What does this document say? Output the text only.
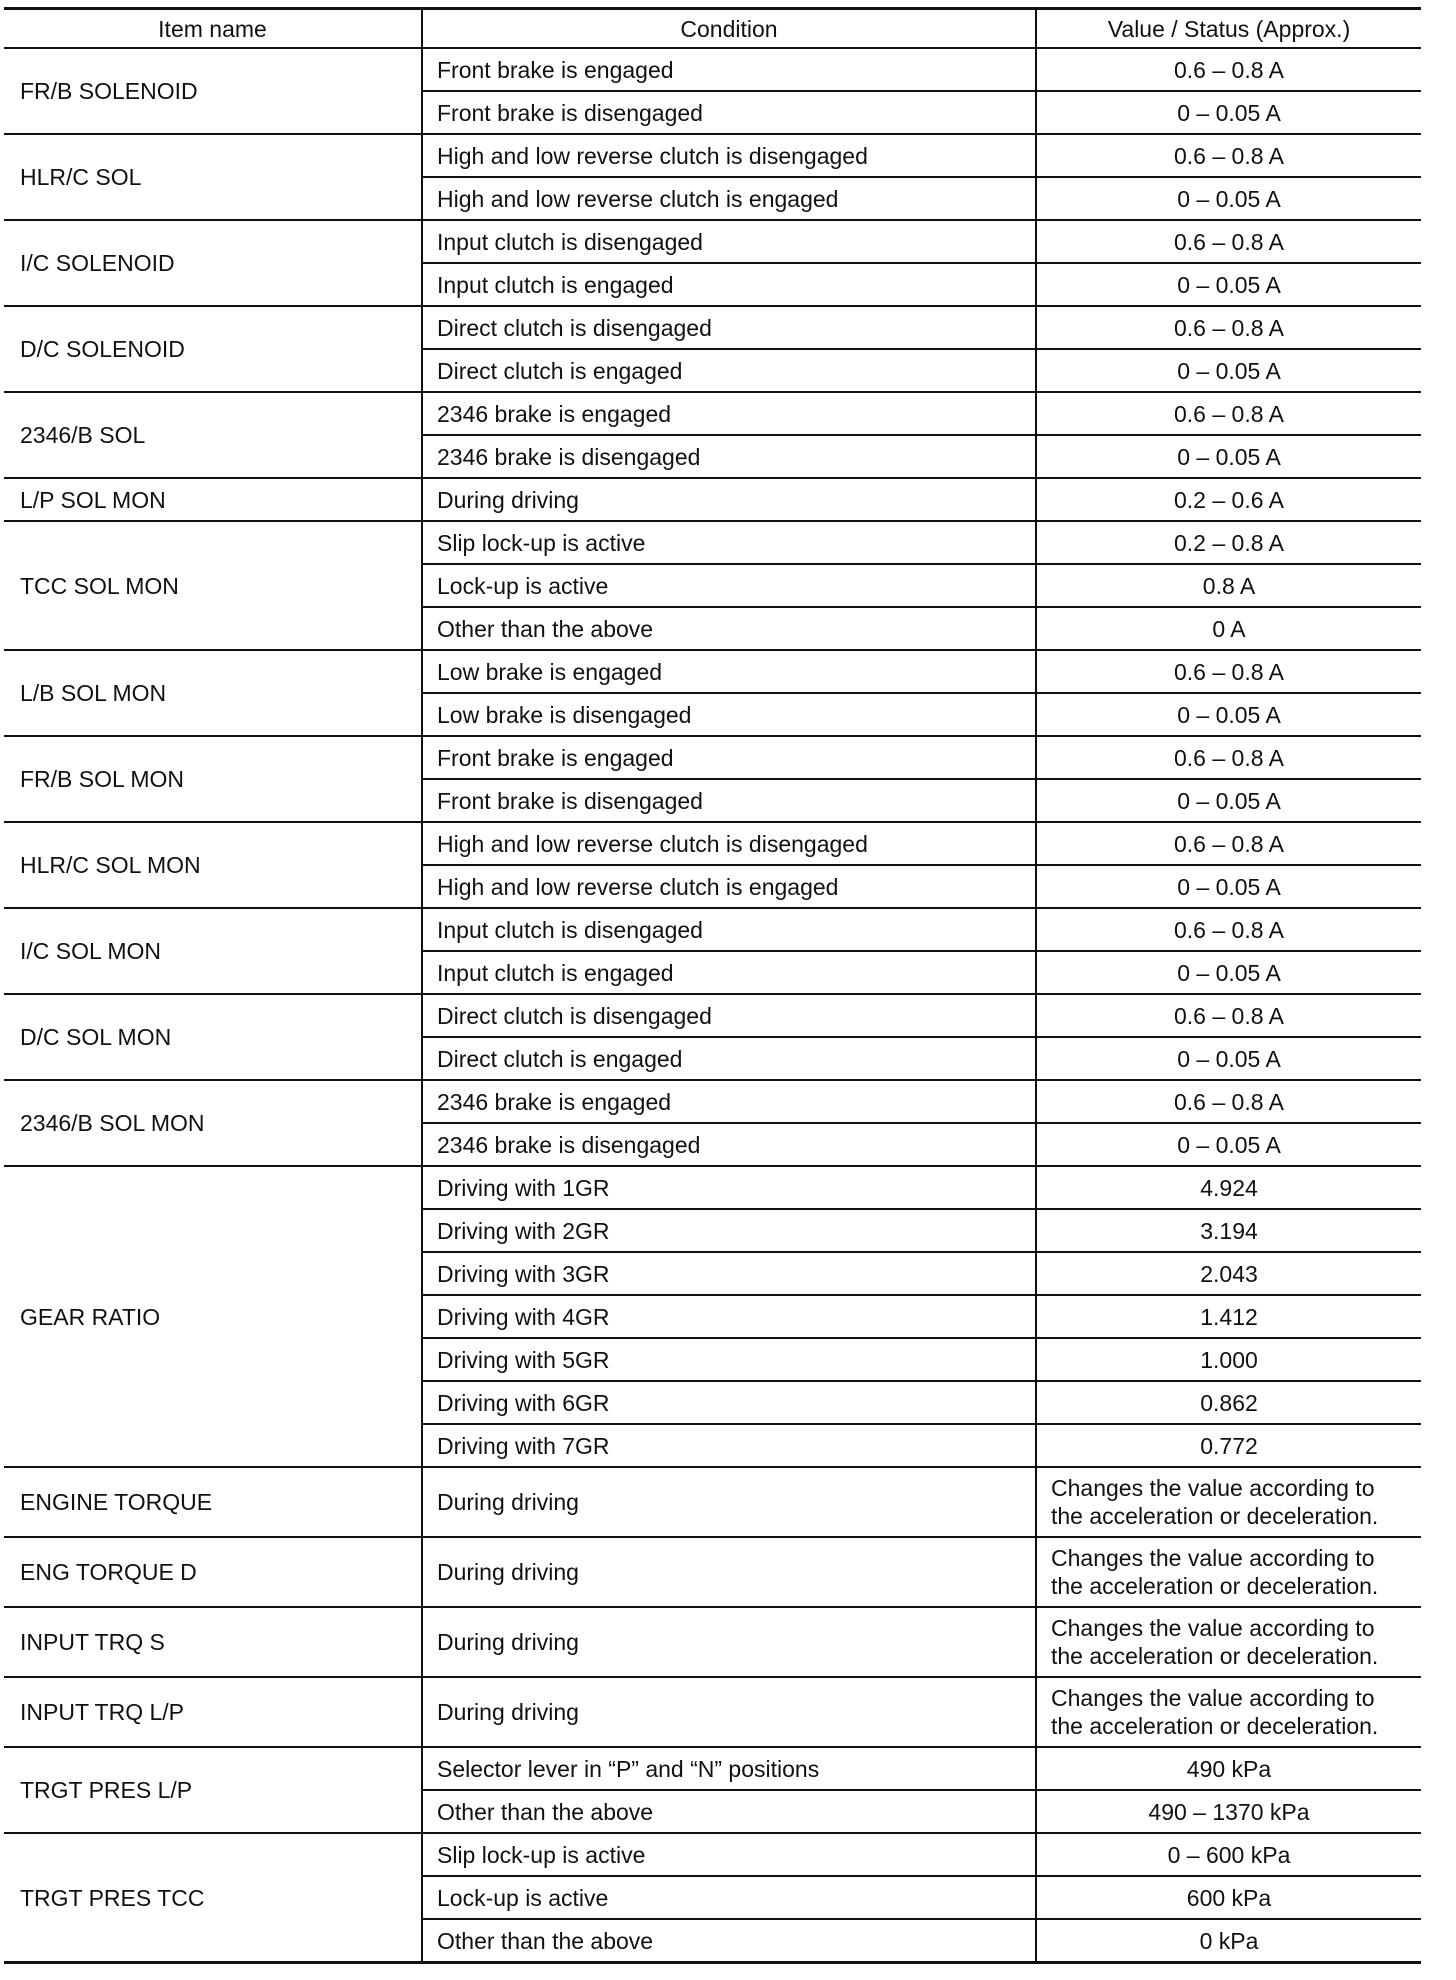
Item name	Condition	Value / Status (Approx.)
FR/B SOLENOID	Front brake is engaged	0.6 – 0.8 A
	Front brake is disengaged	0 – 0.05 A
HLR/C SOL	High and low reverse clutch is disengaged	0.6 – 0.8 A
	High and low reverse clutch is engaged	0 – 0.05 A
I/C SOLENOID	Input clutch is disengaged	0.6 – 0.8 A
	Input clutch is engaged	0 – 0.05 A
D/C SOLENOID	Direct clutch is disengaged	0.6 – 0.8 A
	Direct clutch is engaged	0 – 0.05 A
2346/B SOL	2346 brake is engaged	0.6 – 0.8 A
	2346 brake is disengaged	0 – 0.05 A
L/P SOL MON	During driving	0.2 – 0.6 A
TCC SOL MON	Slip lock-up is active	0.2 – 0.8 A
	Lock-up is active	0.8 A
	Other than the above	0 A
L/B SOL MON	Low brake is engaged	0.6 – 0.8 A
	Low brake is disengaged	0 – 0.05 A
FR/B SOL MON	Front brake is engaged	0.6 – 0.8 A
	Front brake is disengaged	0 – 0.05 A
HLR/C SOL MON	High and low reverse clutch is disengaged	0.6 – 0.8 A
	High and low reverse clutch is engaged	0 – 0.05 A
I/C SOL MON	Input clutch is disengaged	0.6 – 0.8 A
	Input clutch is engaged	0 – 0.05 A
D/C SOL MON	Direct clutch is disengaged	0.6 – 0.8 A
	Direct clutch is engaged	0 – 0.05 A
2346/B SOL MON	2346 brake is engaged	0.6 – 0.8 A
	2346 brake is disengaged	0 – 0.05 A
GEAR RATIO	Driving with 1GR	4.924
	Driving with 2GR	3.194
	Driving with 3GR	2.043
	Driving with 4GR	1.412
	Driving with 5GR	1.000
	Driving with 6GR	0.862
	Driving with 7GR	0.772
ENGINE TORQUE	During driving	Changes the value according to the acceleration or deceleration.
ENG TORQUE D	During driving	Changes the value according to the acceleration or deceleration.
INPUT TRQ S	During driving	Changes the value according to the acceleration or deceleration.
INPUT TRQ L/P	During driving	Changes the value according to the acceleration or deceleration.
TRGT PRES L/P	Selector lever in “P” and “N” positions	490 kPa
	Other than the above	490 – 1370 kPa
TRGT PRES TCC	Slip lock-up is active	0 – 600 kPa
	Lock-up is active	600 kPa
	Other than the above	0 kPa
